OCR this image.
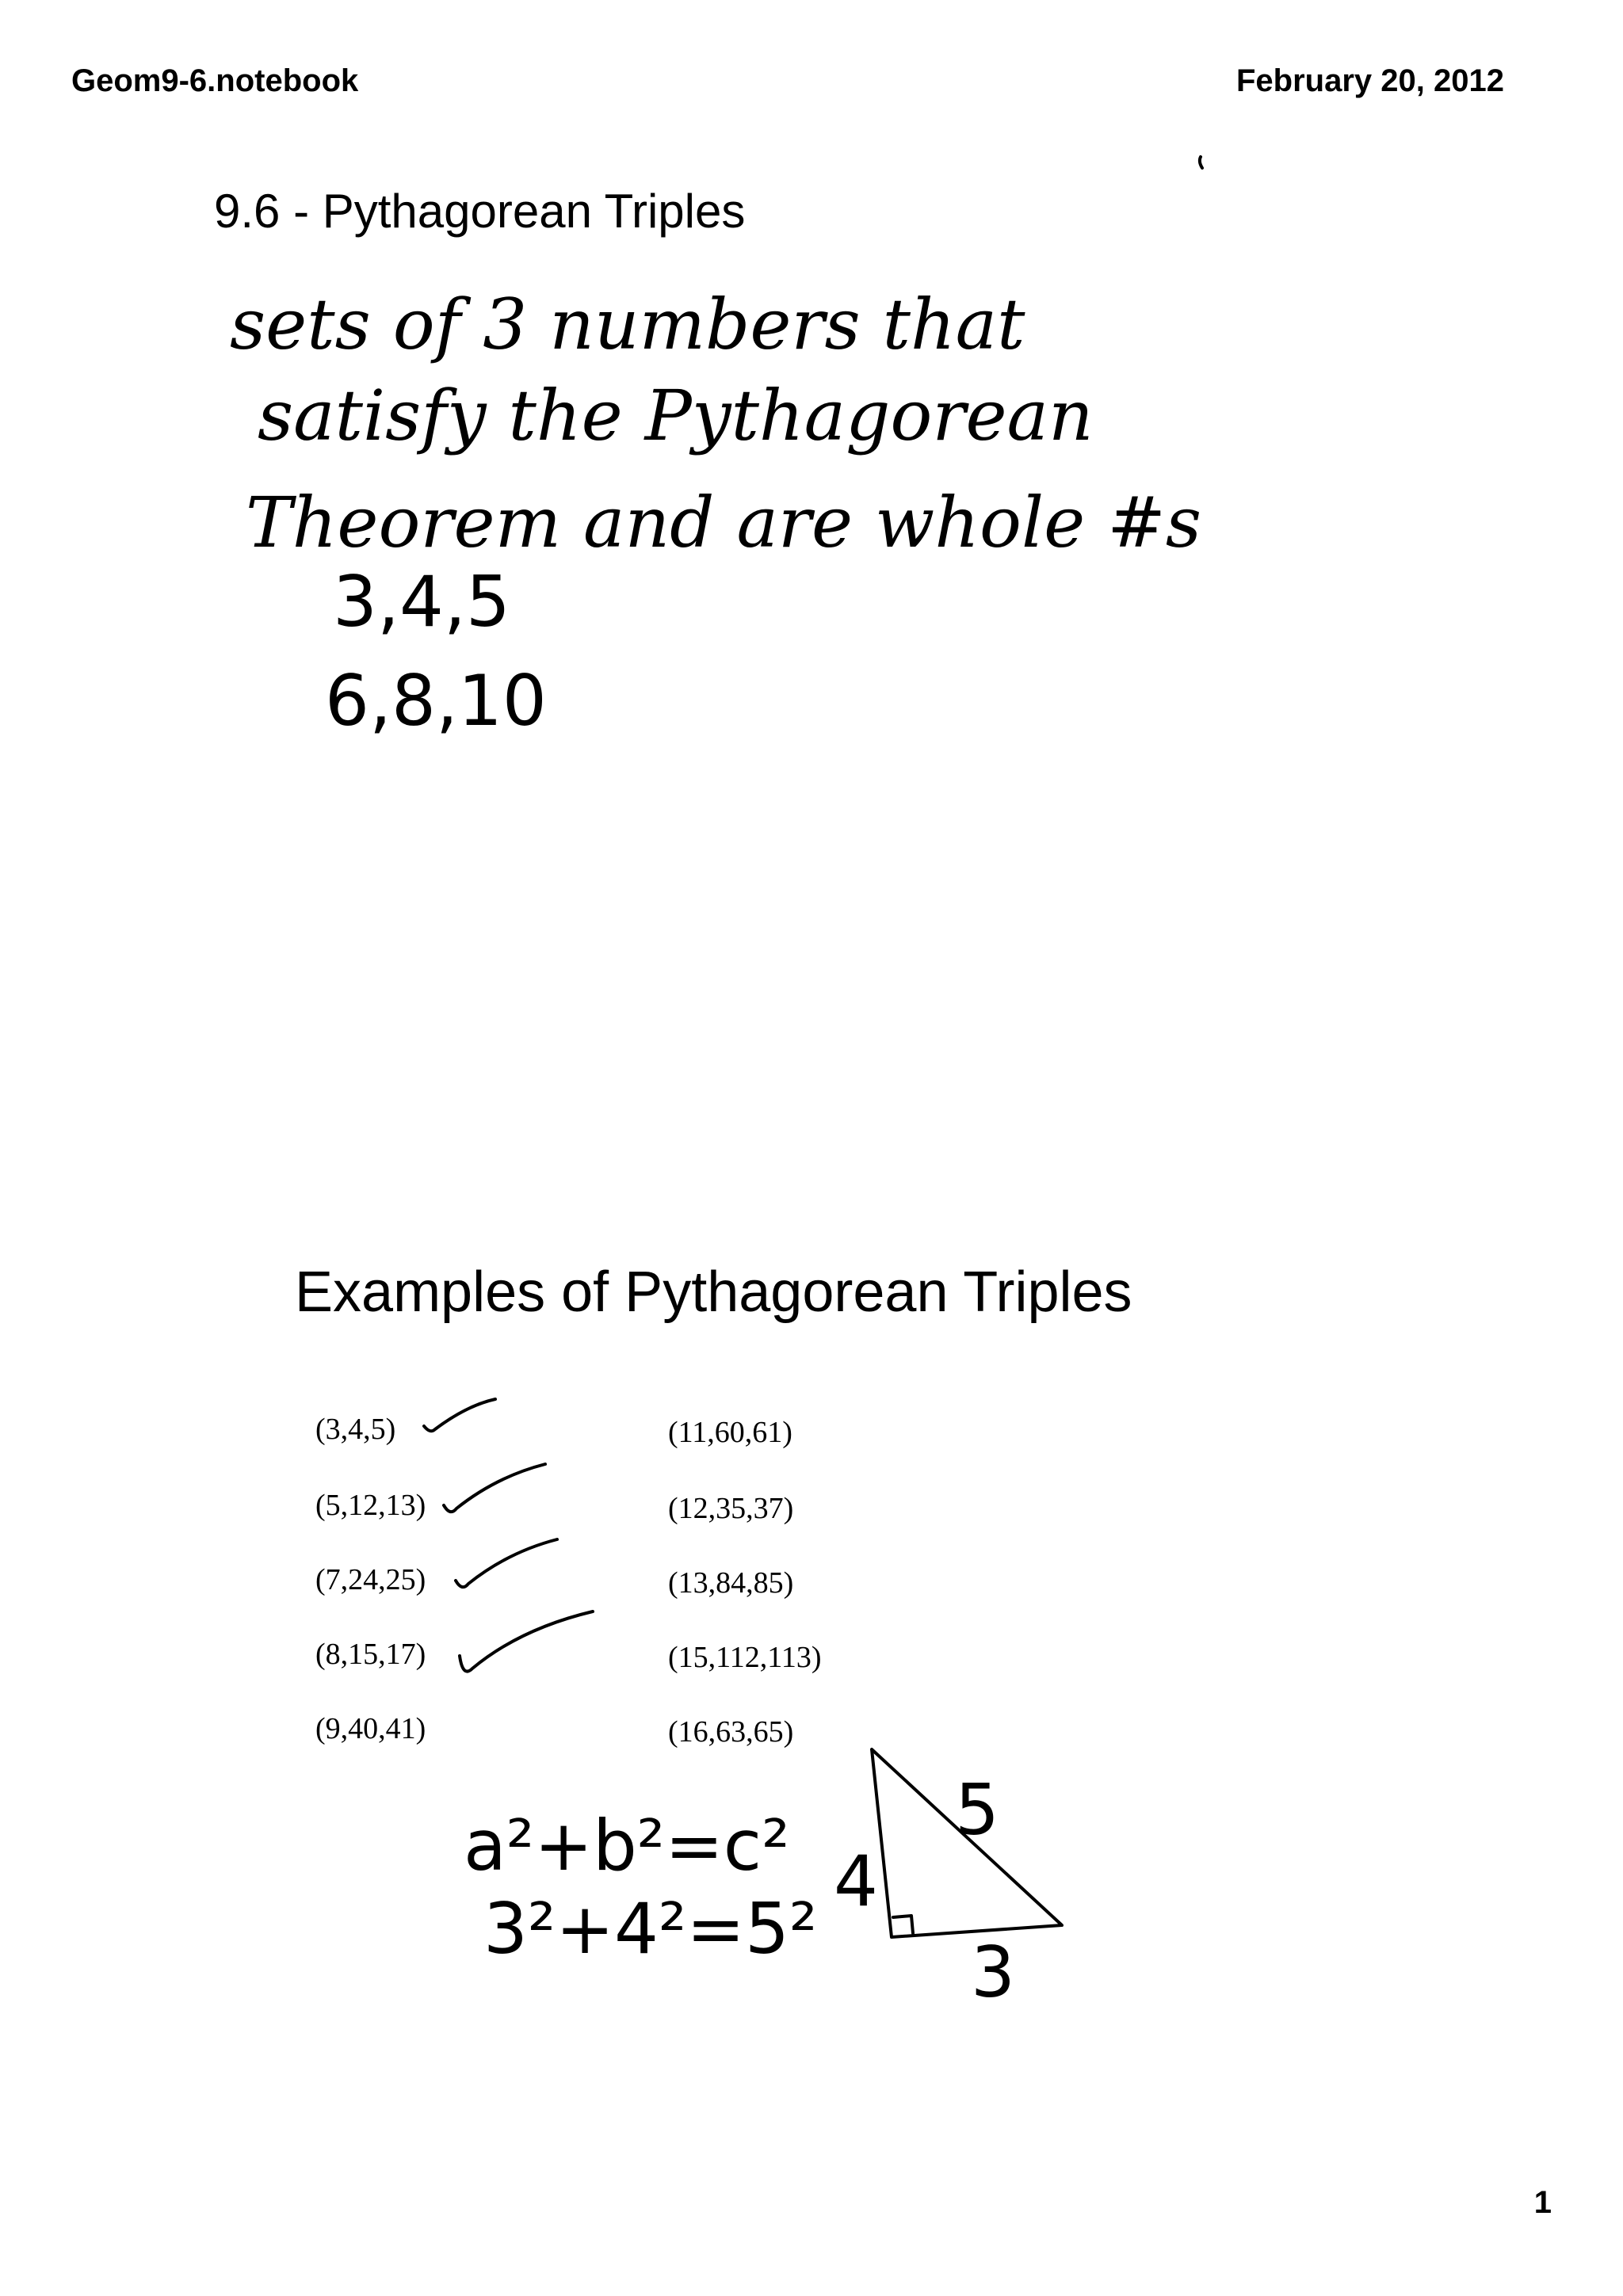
Geom9-6.notebook	February 20, 2012
9.6 - Pythagorean Triples
sets of 3 numbers that
satisfy the Pythagorean
Theorem and are whole #s
3,4,5
6,8,10
a²+b²=c²
3²+4²=5²
5
4
3
Examples of Pythagorean Triples
(3,4,5)
(5,12,13)
(7,24,25)
(8,15,17)
(9,40,41)
(11,60,61)
(12,35,37)
(13,84,85)
(15,112,113)
(16,63,65)
1
